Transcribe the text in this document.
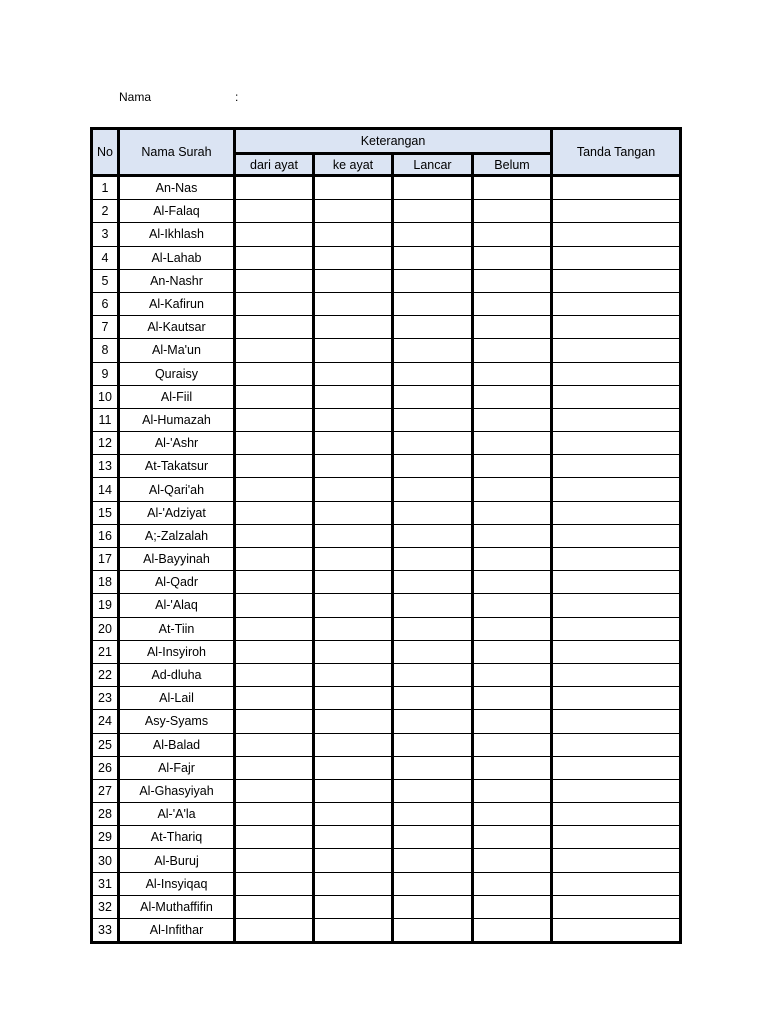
Nama	:
No	Nama Surah	Keterangan				Tanda Tangan
		dari ayat	ke ayat	Lancar	Belum	
1	An-Nas					
2	Al-Falaq					
3	Al-Ikhlash					
4	Al-Lahab					
5	An-Nashr					
6	Al-Kafirun					
7	Al-Kautsar					
8	Al-Ma'un					
9	Quraisy					
10	Al-Fiil					
11	Al-Humazah					
12	Al-'Ashr					
13	At-Takatsur					
14	Al-Qari'ah					
15	Al-'Adziyat					
16	A;-Zalzalah					
17	Al-Bayyinah					
18	Al-Qadr					
19	Al-'Alaq					
20	At-Tiin					
21	Al-Insyiroh					
22	Ad-dluha					
23	Al-Lail					
24	Asy-Syams					
25	Al-Balad					
26	Al-Fajr					
27	Al-Ghasyiyah					
28	Al-'A'la					
29	At-Thariq					
30	Al-Buruj					
31	Al-Insyiqaq					
32	Al-Muthaffifin					
33	Al-Infithar					
